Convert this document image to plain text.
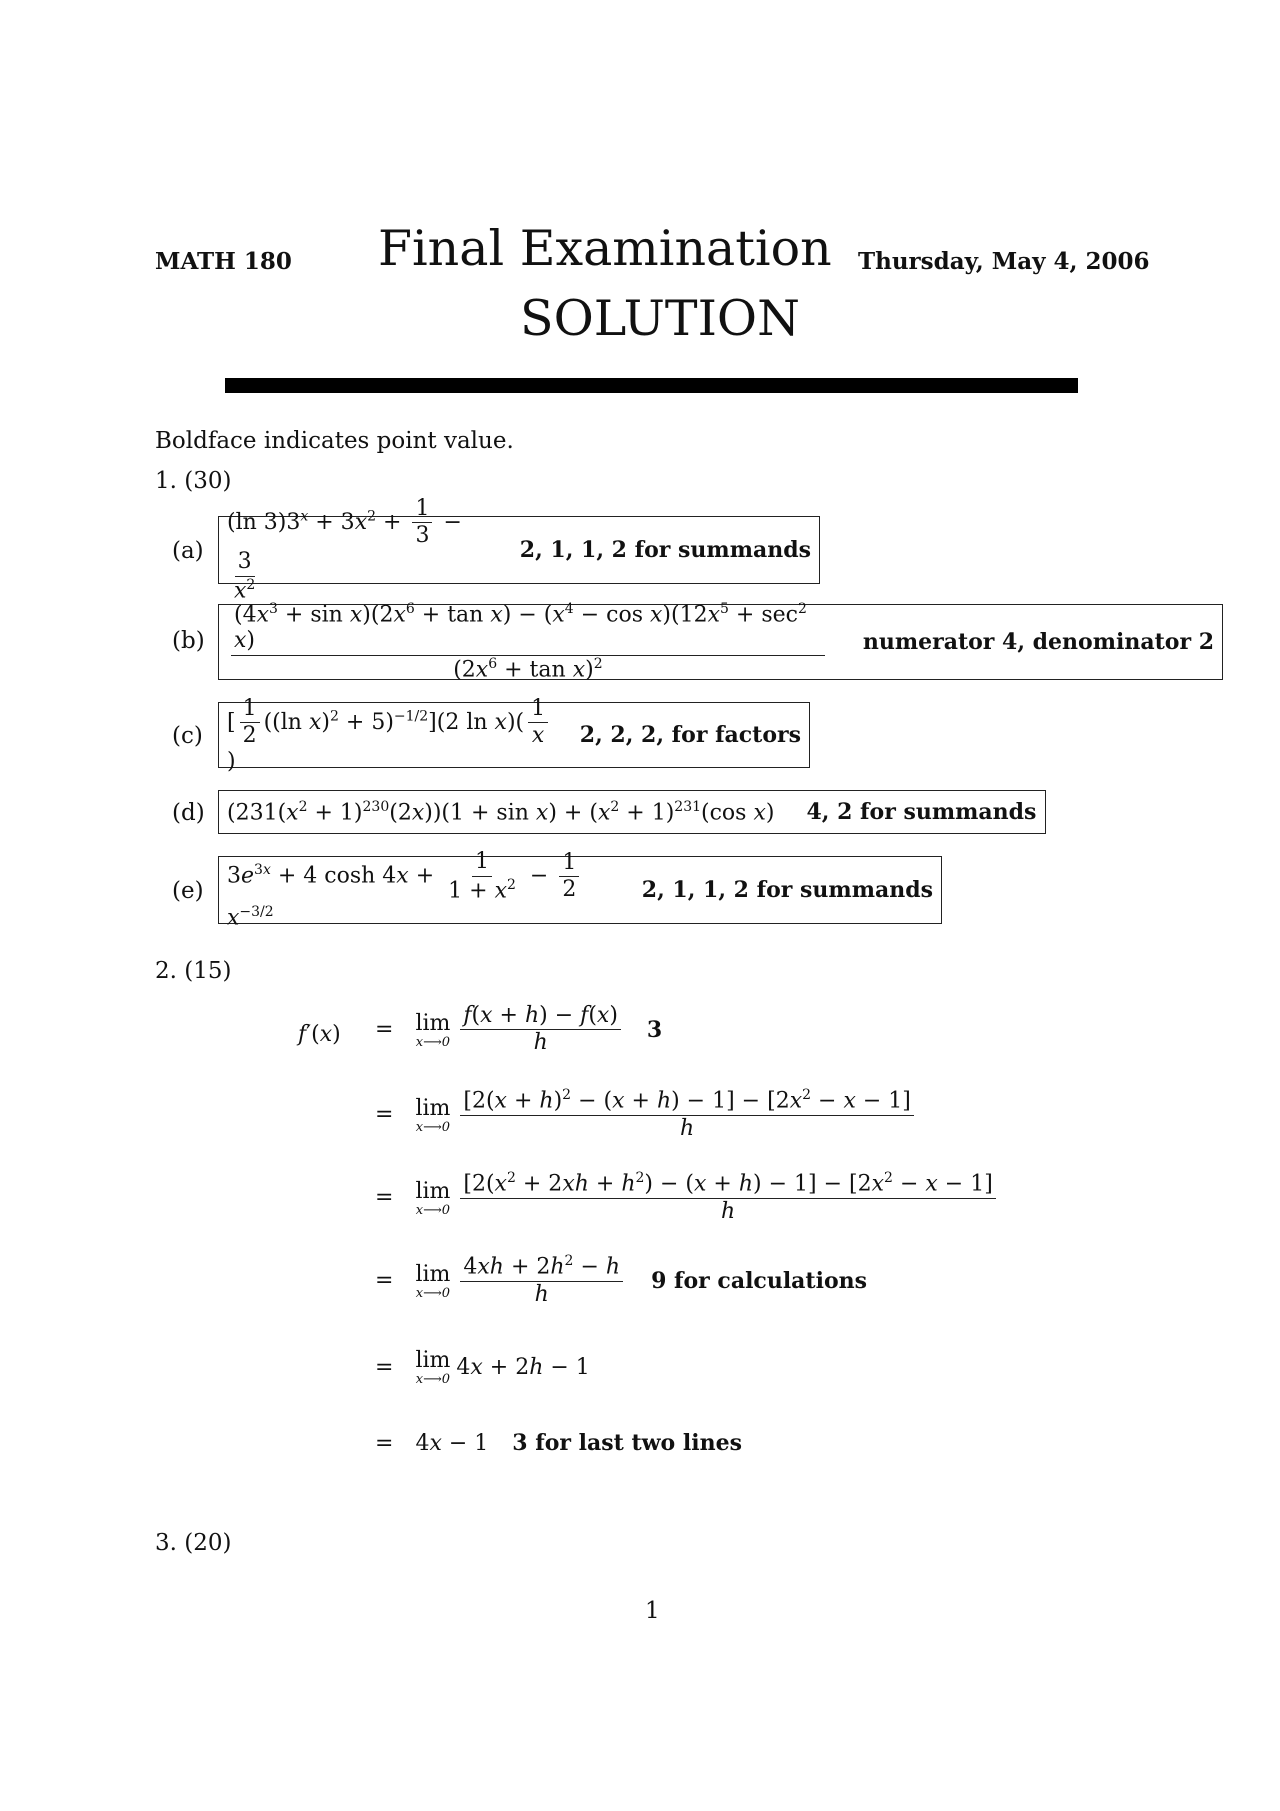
MATH 180 Final Examination
SOLUTION
Thursday, May 4, 2006
Boldface indicates point value.
1. (30)
(a)
(ln $3)3^x + 3x^2 + \frac{1}{3}$ −
$\frac{3}{x^2}$	2, 1, 1, 2 for summands
$(b) \frac{(4x^3 + \sin x)(2x^6 + \tan x) - (x^4 - \cos x)(12x^5 + \sec^2 x)}{(2x^6 + \tan x)^2}$ numerator 4, denominator 2
(c)
[ $\frac{1}{2} ((\ln$ x)$^2$ + 5)$^{-1/2}$](2 $\ln x)( \frac{1}{x}$
)
2, 2, 2, for factors
(d) $(231(x^2 + 1)^{230}(2x))(1 + \sin x) + (x^2 + 1)^{231}(\cos$ x) 4, 2 for summands
(e)
$3e^{3x} + 4$ $\cosh 4x + \frac{1}{1 + x^2} - \frac{1}{2}$
$x^{-3/2}$
2, 1, 1, 2 for summands
2. (15)
f′(x) = lim
x⟶0 $\frac{f(x + h) - f(x)}{h} 3$
= lim
x⟶0 $\frac{[2(x + h)^2 - (x + h) - 1] - [2x^2 - x - 1]}{h}$
= lim
x⟶0 $\frac{[2(x^2 + 2xh + h^2) - (x + h) - 1] - [2x^2 - x - 1]}{h}$
= lim
x⟶0 $\frac{4xh + 2h^2 - h}{h} 9$ for calculations
= lim
x⟶0 4x + 2h − 1
= 4x − 1 3 for last two lines
3. (20)
1
